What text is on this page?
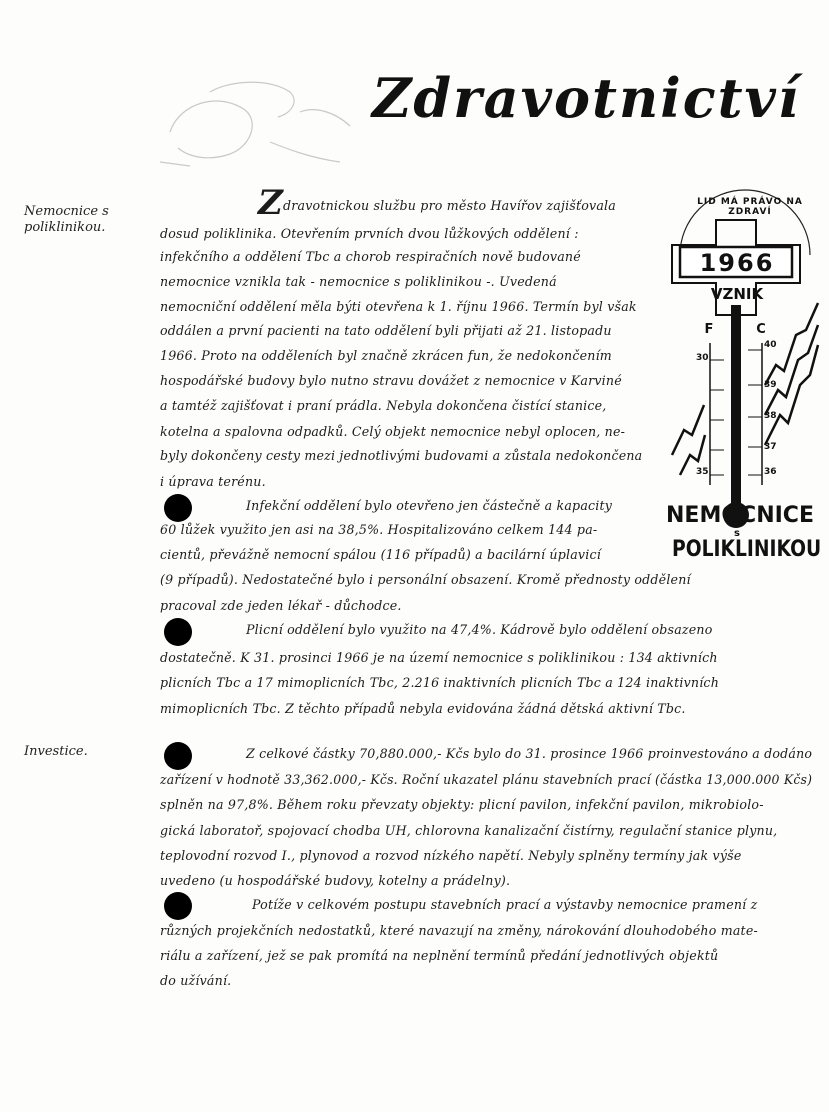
Zdravotnictví
Nemocnice s poliklinikou.
Investice.
Zdravotnickou službu pro město Havířov zajišťovala
dosud poliklinika. Otevřením prvních dvou lůžkových oddělení :
infekčního a oddělení Tbc a chorob respiračních nově budované
nemocnice vznikla tak - nemocnice s poliklinikou -. Uvedená
nemocniční oddělení měla býti otevřena k 1. říjnu 1966. Termín byl však
oddálen a první pacienti na tato oddělení byli přijati až 21. listopadu
1966. Proto na odděleních byl značně zkrácen fun, že nedokončením
hospodářské budovy bylo nutno stravu dovážet z nemocnice v Karviné
a tamtéž zajišťovat i praní prádla. Nebyla dokončena čistící stanice,
kotelna a spalovna odpadků. Celý objekt nemocnice nebyl oplocen, ne-
byly dokončeny cesty mezi jednotlivými budovami a zůstala nedokončena
i úprava terénu.
Infekční oddělení bylo otevřeno jen částečně a kapacity
60 lůžek využito jen asi na 38,5%. Hospitalizováno celkem 144 pa-
cientů, převážně nemocní spálou (116 případů) a bacilární úplavicí
(9 případů). Nedostatečné bylo i personální obsazení. Kromě přednosty oddělení
pracoval zde jeden lékař - důchodce.
Plicní oddělení bylo využito na 47,4%. Kádrově bylo oddělení obsazeno
dostatečně. K 31. prosinci 1966 je na území nemocnice s poliklinikou : 134 aktivních
plicních Tbc a 17 mimoplicních Tbc, 2.216 inaktivních plicních Tbc a 124 inaktivních
mimoplicních Tbc. Z těchto případů nebyla evidována žádná dětská aktivní Tbc.
Z celkové částky 70,880.000,- Kčs bylo do 31. prosince 1966 proinvestováno a dodáno
zařízení v hodnotě 33,362.000,- Kčs. Roční ukazatel plánu stavebních prací (částka 13,000.000 Kčs)
splněn na 97,8%. Během roku převzaty objekty: plicní pavilon, infekční pavilon, mikrobiolo-
gická laboratoř, spojovací chodba UH, chlorovna kanalizační čistírny, regulační stanice plynu,
teplovodní rozvod I., plynovod a rozvod nízkého napětí. Nebyly splněny termíny jak výše
uvedeno (u hospodářské budovy, kotelny a prádelny).
Potíže v celkovém postupu stavebních prací a výstavby nemocnice pramení z
různých projekčních nedostatků, které navazují na změny, nárokování dlouhodobého mate-
riálu a zařízení, jež se pak promítá na neplnění termínů předání jednotlivých objektů
do užívání.
LID MÁ PRÁVO NA ZDRAVÍ
1966
VZNIK
F	C
40
39
38
37
36
30
35
NEMOCNICE
s
POLIKLINIKOU
